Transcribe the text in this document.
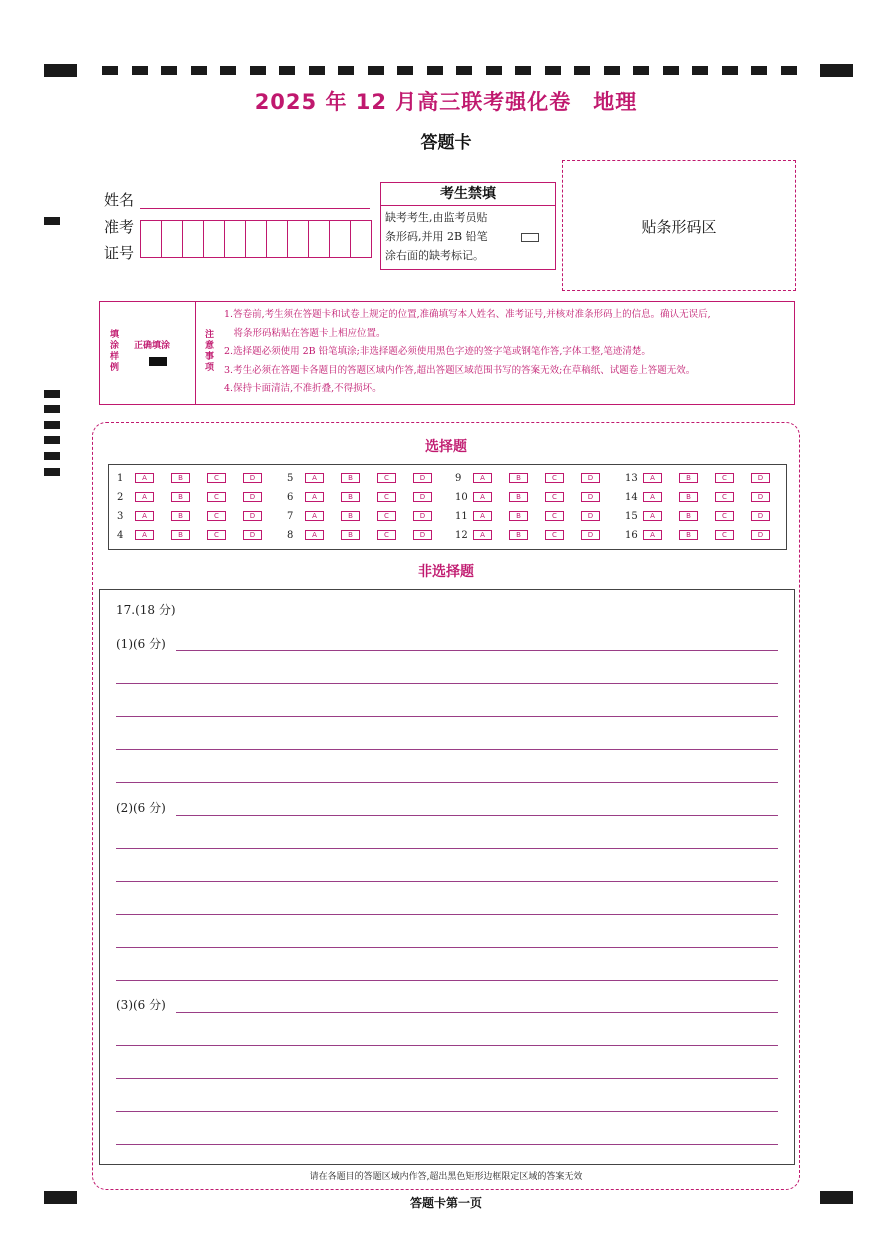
2025 年 12 月高三联考强化卷　地理
答题卡
姓名
准考
证号
考生禁填
缺考考生,由监考员贴
条形码,并用 2B 铅笔
涂右面的缺考标记。
贴条形码区
填涂样例
正确填涂
注意事项
1.答卷前,考生须在答题卡和试卷上规定的位置,准确填写本人姓名、准考证号,并核对准条形码上的信息。确认无误后,
　将条形码粘贴在答题卡上相应位置。
2.选择题必须使用 2B 铅笔填涂;非选择题必须使用黑色字迹的签字笔或钢笔作答,字体工整,笔迹清楚。
3.考生必须在答题卡各题目的答题区域内作答,超出答题区域范围书写的答案无效;在草稿纸、试题卷上答题无效。
4.保持卡面清洁,不准折叠,不得损坏。
选择题
1	A	B	C	D
2	A	B	C	D
3	A	B	C	D
4	A	B	C	D
5	A	B	C	D
6	A	B	C	D
7	A	B	C	D
8	A	B	C	D
9	A	B	C	D
10	A	B	C	D
11	A	B	C	D
12	A	B	C	D
13	A	B	C	D
14	A	B	C	D
15	A	B	C	D
16	A	B	C	D
非选择题
17.(18 分)
(1)(6 分)
(2)(6 分)
(3)(6 分)
请在各题目的答题区域内作答,超出黑色矩形边框限定区域的答案无效
答题卡第一页
